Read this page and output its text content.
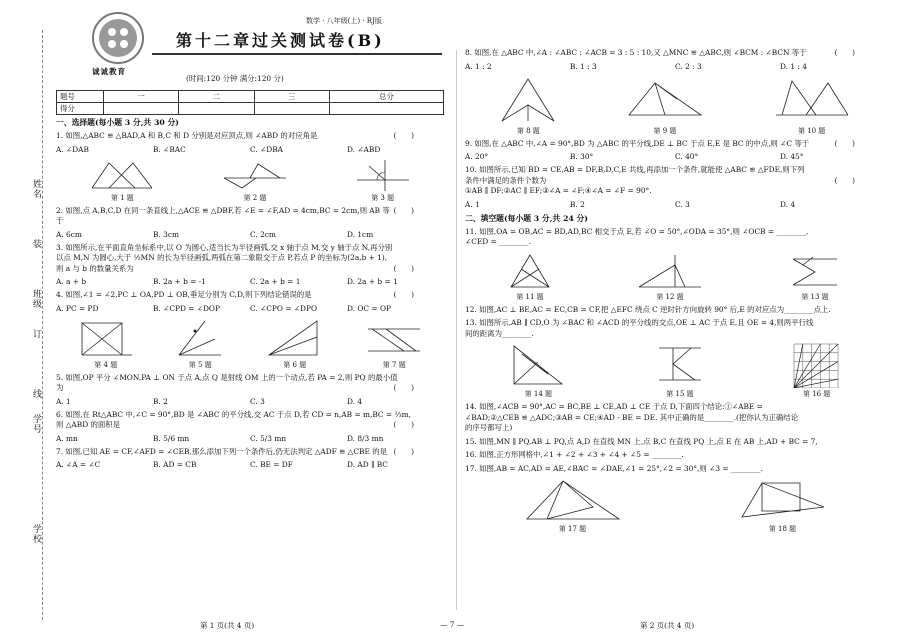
姓名
装
班级
订
线
学号
学校
诚诚教育
数学 · 八年级(上) · RJ版
第十二章过关测试卷(B)
(时间:120 分钟 满分:120 分)
题号	一	二	三	总分
得分				
一、选择题(每小题 3 分,共 30 分)
(　　)
1. 如图,△ABC ≌ △BAD,A 和 B,C 和 D 分别是对应顶点,则 ∠ABD 的对应角是
A. ∠DAB	B. ∠BAC	C. ∠DBA	D. ∠ABD
第 1 题	第 2 题	第 3 题
(　　)
2. 如图,点 A,B,C,D 在同一条直线上,△ACE ≌ △DBF,若 ∠E = ∠F,AD = 4cm,BC = 2cm,则 AB 等于
A. 6cm	B. 3cm	C. 2cm	D. 1cm
3. 如图所示,在平面直角坐标系中,以 O 为圆心,适当长为半径画弧,交 x 轴于点 M,交 y 轴于点 N,再分别
以点 M,N 为圆心,大于 ½MN 的长为半径画弧,两弧在第二象限交于点 P,若点 P 的坐标为(2a,b + 1),
(　　)
则 a 与 b 的数量关系为
A. a + b	B. 2a + b = -1	C. 2a + b = 1	D. 2a + b = 1
(　　)
4. 如图,∠1 = ∠2,PC ⊥ OA,PD ⊥ OB,垂足分别为 C,D,则下列结论错误的是
A. PC = PD	B. ∠CPD = ∠DOP	C. ∠CPO = ∠DPO	D. OC = OP
第 4 题	第 5 题	第 6 题	第 7 题
5. 如图,OP 平分 ∠MON,PA ⊥ ON 于点 A,点 Q 是射线 OM 上的一个动点,若 PA = 2,则 PQ 的最小值
(　　)
为
A. 1	B. 2	C. 3	D. 4
6. 如图,在 Rt△ABC 中,∠C = 90°,BD 是 ∠ABC 的平分线,交 AC 于点 D,若 CD = n,AB = m,BC = ⅔m,
(　　)
则 △ABD 的面积是
A. mn	B. 5/6 mn	C. 5/3 mn	D. 8/3 mn
(　　)
7. 如图,已知 AE = CF,∠AFD = ∠CEB,那么添加下列一个条件后,仍无法判定 △ADF ≌ △CBE 的是
A. ∠A = ∠C	B. AD = CB	C. BE = DF	D. AD ∥ BC
(　　)
8. 如图,在 △ABC 中,∠A : ∠ABC : ∠ACB = 3 : 5 : 10,又 △MNC ≌ △ABC,则 ∠BCM : ∠BCN 等于
A. 1 : 2	B. 1 : 3	C. 2 : 3	D. 1 : 4
第 8 题	第 9 题	第 10 题
(　　)
9. 如图,在 △ABC 中,∠A = 90°,BD 为 △ABC 的平分线,DE ⊥ BC 于点 E,E 是 BC 的中点,则 ∠C 等于
A. 20°	B. 30°	C. 40°	D. 45°
10. 如图所示,已知 BD = CE,AB = DF,B,D,C,E 共线,再添加一个条件,就能使 △ABC ≌ △FDE,则下列
(　　)
条件中满足的条件个数为
①AB ∥ DF;②AC ∥ EF;③∠A = ∠F;④∠A = ∠F = 90°.
A. 1	B. 2	C. 3	D. 4
二、填空题(每小题 3 分,共 24 分)
11. 如图,OA = OB,AC = BD,AD,BC 相交于点 E,若 ∠O = 50°,∠ODA = 35°,则 ∠OCB = ________,
∠CED = ________.
第 11 题	第 12 题	第 13 题
12. 如图,AC ⊥ BE,AC = EC,CB = CF,把 △EFC 绕点 C 逆时针方向旋转 90° 后,E 的对应点为________点上.
13. 如图所示,AB ∥ CD,O 为 ∠BAC 和 ∠ACD 的平分线的交点,OE ⊥ AC 于点 E,且 OE = 4,则两平行线
间的距离为________.
第 14 题	第 15 题	第 16 题
14. 如图,∠ACB = 90°,AC = BC,BE ⊥ CE,AD ⊥ CE 于点 D,下面四个结论:①∠ABE =
∠BAD;②△CEB ≌ △ADC;③AB = CE;④AD - BE = DE. 其中正确的是________.(把你认为正确结论
的序号都写上)
15. 如图,MN ∥ PQ,AB ⊥ PQ,点 A,D 在直线 MN 上,点 B,C 在直线 PQ 上,点 E 在 AB 上,AD + BC = 7,
16. 如图,正方形网格中,∠1 + ∠2 + ∠3 + ∠4 + ∠5 = ________.
17. 如图,AB = AC,AD = AE,∠BAC = ∠DAE,∠1 = 25°,∠2 = 30°,则 ∠3 = ________.
第 17 题	第 18 题
第 1 页(共 4 页)	— 7 —	第 2 页(共 4 页)
